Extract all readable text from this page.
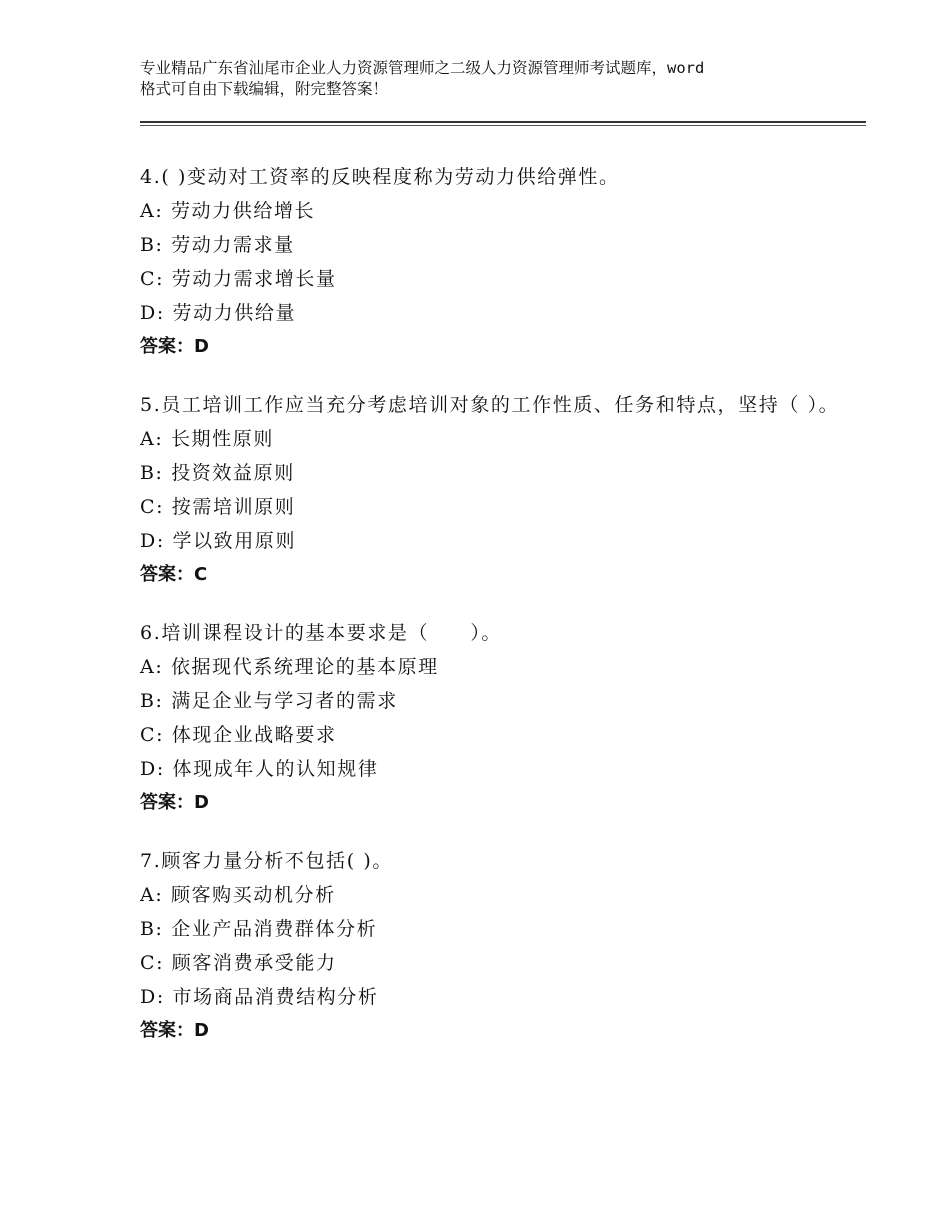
专业精品广东省汕尾市企业人力资源管理师之二级人力资源管理师考试题库，word
格式可自由下载编辑，附完整答案！

4.( )变动对工资率的反映程度称为劳动力供给弹性。

A: 劳动力供给增长

B: 劳动力需求量

C: 劳动力需求增长量

D: 劳动力供给量

答案：D

5.员工培训工作应当充分考虑培训对象的工作性质、任务和特点，坚持（ ）。

A: 长期性原则

B: 投资效益原则

C: 按需培训原则

D: 学以致用原则

答案：C

6.培训课程设计的基本要求是（　　）。

A: 依据现代系统理论的基本原理

B: 满足企业与学习者的需求

C: 体现企业战略要求

D: 体现成年人的认知规律

答案：D

7.顾客力量分析不包括( )。

A: 顾客购买动机分析

B: 企业产品消费群体分析

C: 顾客消费承受能力

D: 市场商品消费结构分析

答案：D
